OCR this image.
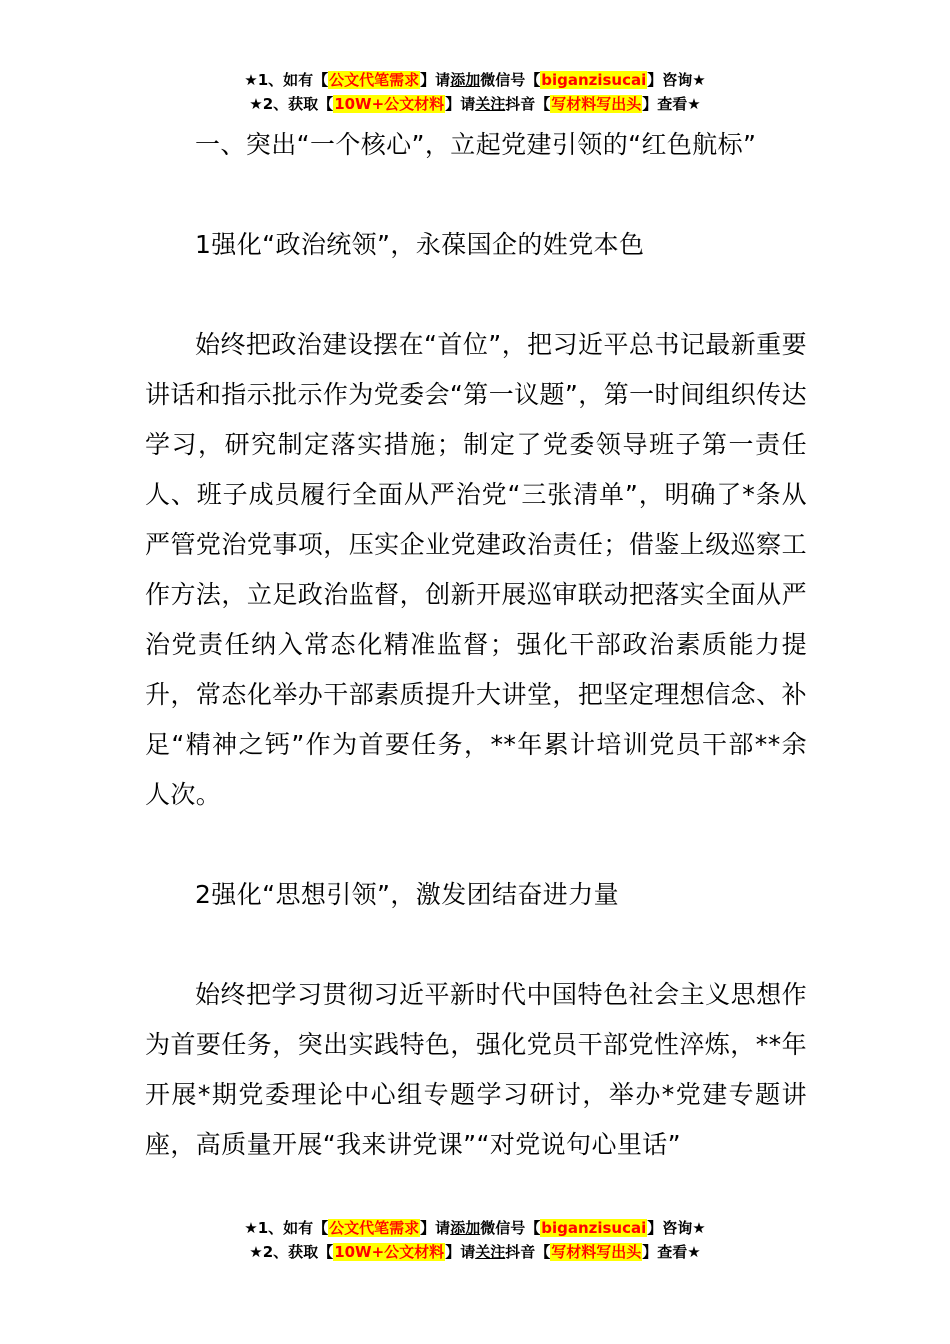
★1、如有【公文代笔需求】请添加微信号【biganzisucai】咨询★
★2、获取【10W+公文材料】请关注抖音【写材料写出头】查看★

一、突出“一个核心”，立起党建引领的“红色航标”

1强化“政治统领”，永葆国企的姓党本色

始终把政治建设摆在“首位”，把习近平总书记最新重要讲话和指示批示作为党委会“第一议题”，第一时间组织传达学习，研究制定落实措施；制定了党委领导班子第一责任人、班子成员履行全面从严治党“三张清单”，明确了*条从严管党治党事项，压实企业党建政治责任；借鉴上级巡察工作方法，立足政治监督，创新开展巡审联动把落实全面从严治党责任纳入常态化精准监督；强化干部政治素质能力提升，常态化举办干部素质提升大讲堂，把坚定理想信念、补足“精神之钙”作为首要任务，**年累计培训党员干部**余人次。

2强化“思想引领”，激发团结奋进力量

始终把学习贯彻习近平新时代中国特色社会主义思想作为首要任务，突出实践特色，强化党员干部党性淬炼，**年开展*期党委理论中心组专题学习研讨，举办*党建专题讲座，高质量开展“我来讲党课”“对党说句心里话”

★1、如有【公文代笔需求】请添加微信号【biganzisucai】咨询★
★2、获取【10W+公文材料】请关注抖音【写材料写出头】查看★
